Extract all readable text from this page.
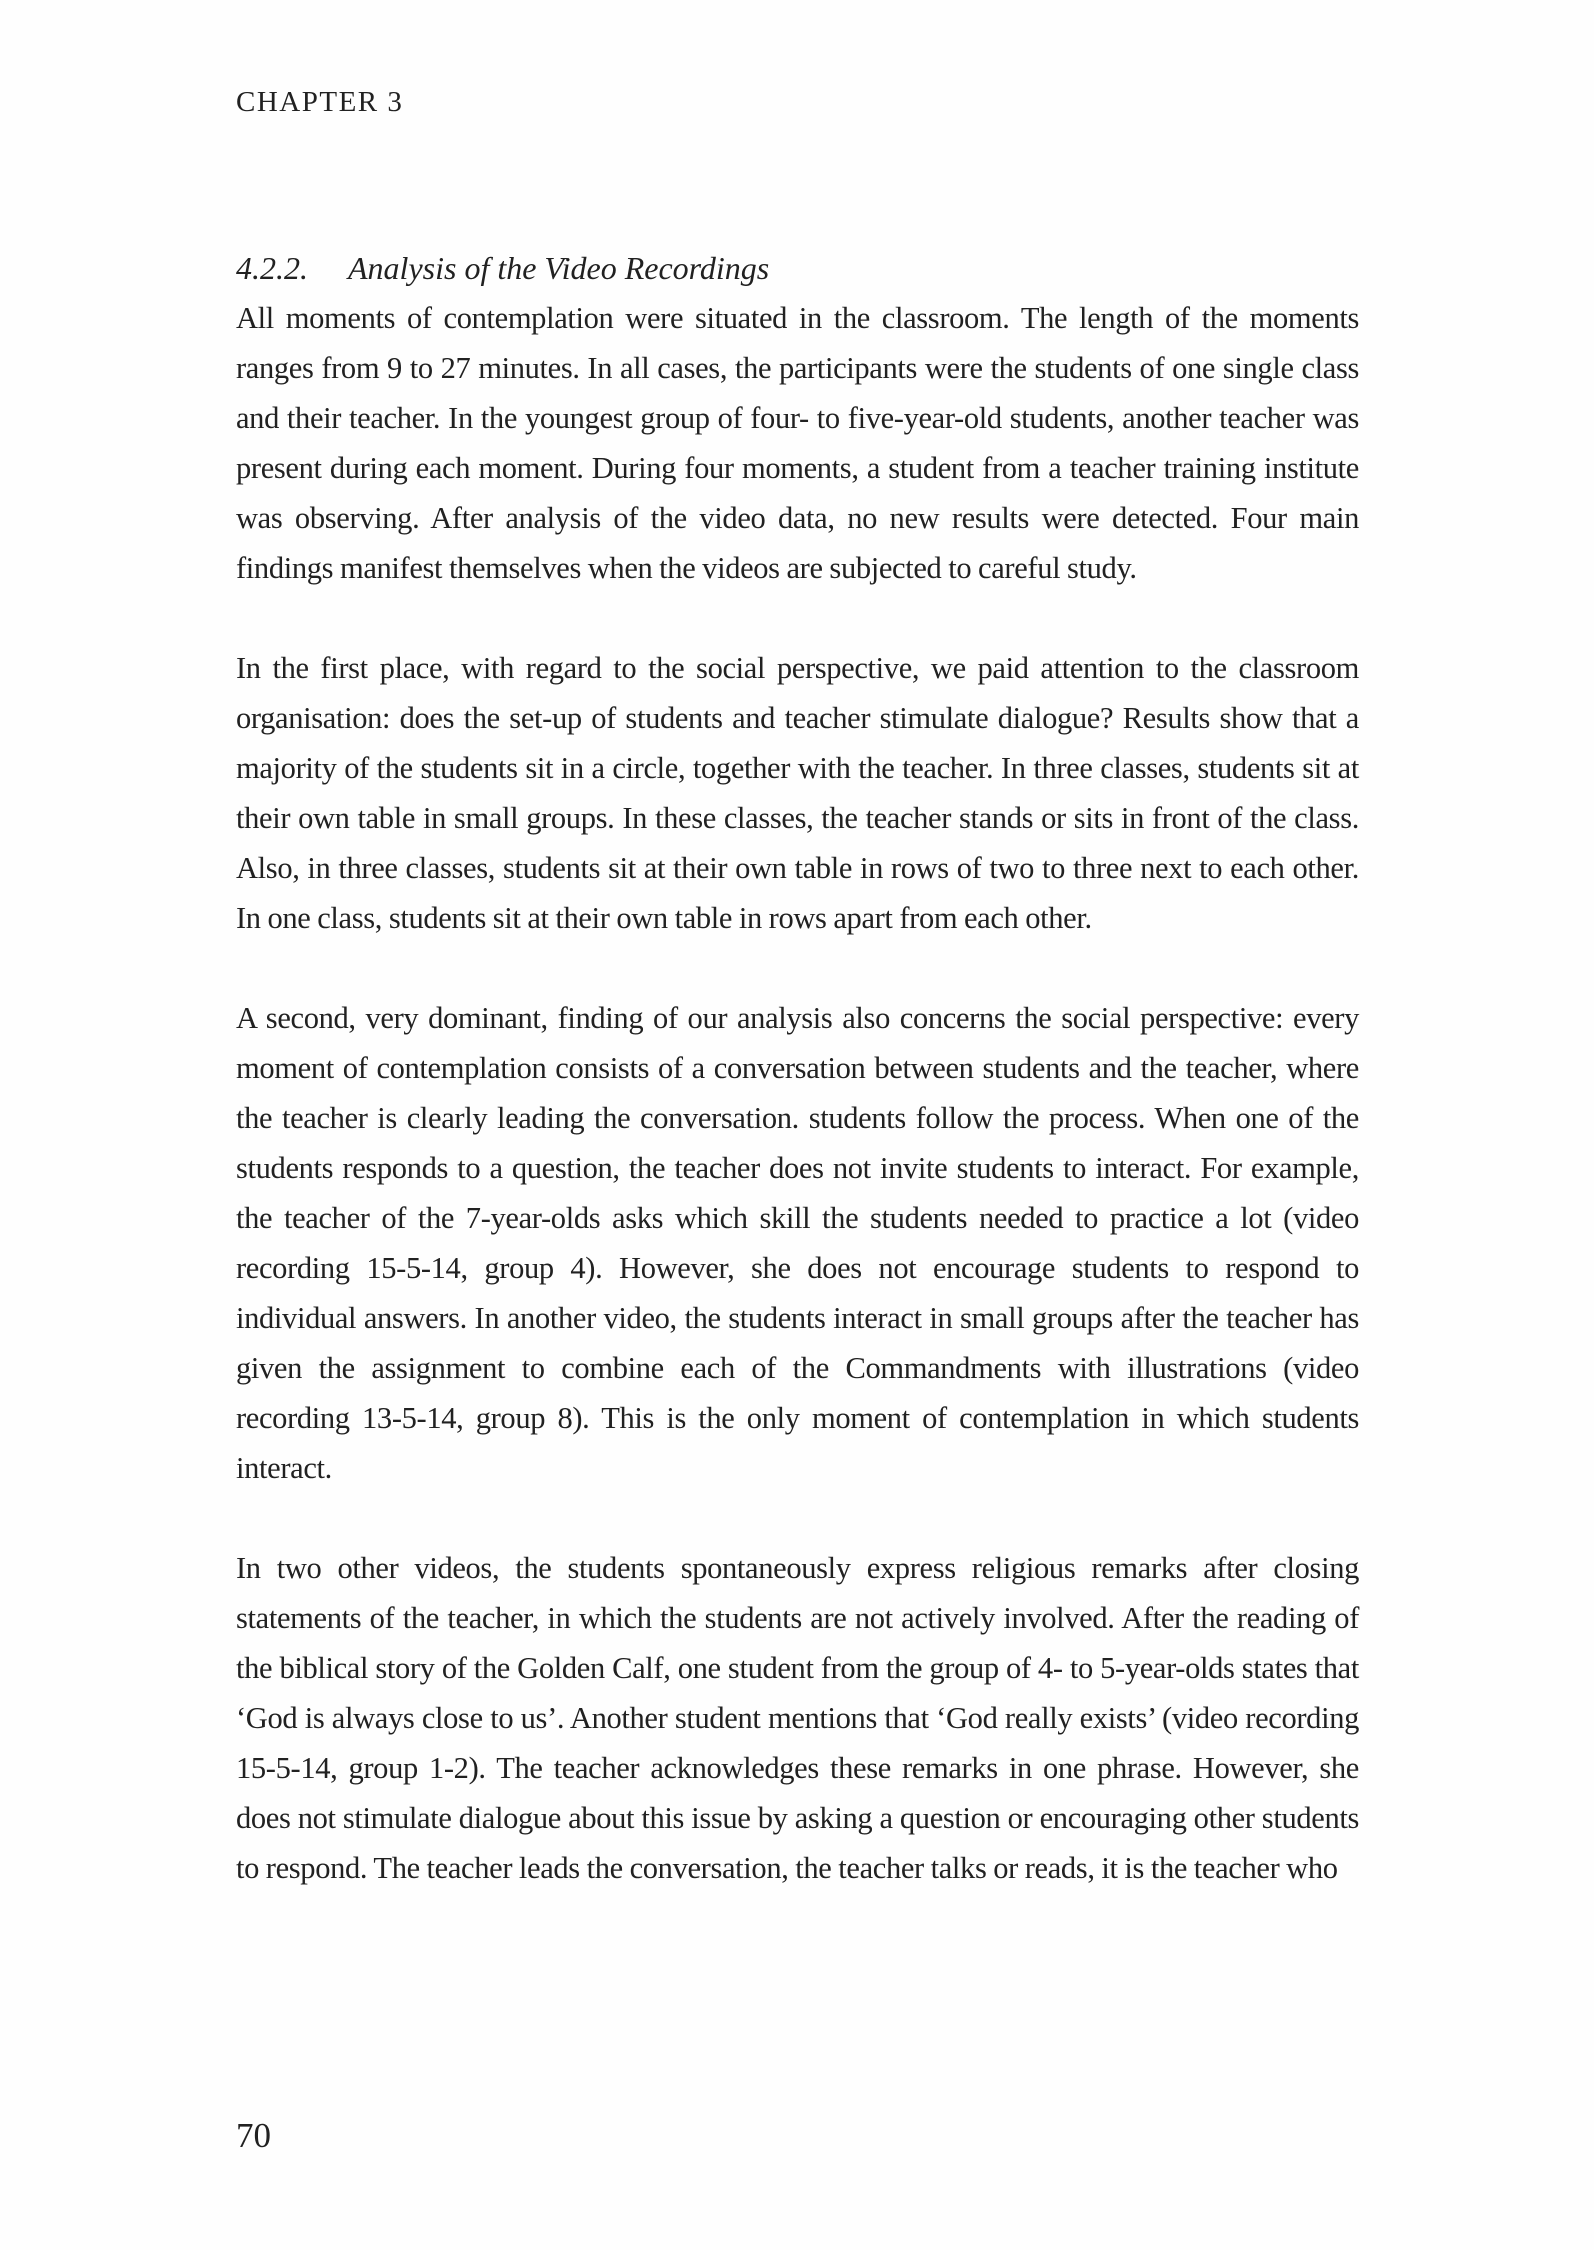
CHAPTER 3
4.2.2.	Analysis of the Video Recordings

All moments of contemplation were situated in the classroom. The length of the moments ranges from 9 to 27 minutes. In all cases, the participants were the students of one single class and their teacher. In the youngest group of four- to five-year-old students, another teacher was present during each moment. During four moments, a student from a teacher training institute was observing. After analysis of the video data, no new results were detected. Four main findings manifest themselves when the videos are subjected to careful study.

In the first place, with regard to the social perspective, we paid attention to the classroom organisation: does the set-up of students and teacher stimulate dialogue? Results show that a majority of the students sit in a circle, together with the teacher. In three classes, students sit at their own table in small groups. In these classes, the teacher stands or sits in front of the class. Also, in three classes, students sit at their own table in rows of two to three next to each other. In one class, students sit at their own table in rows apart from each other.

A second, very dominant, finding of our analysis also concerns the social perspective: every moment of contemplation consists of a conversation between students and the teacher, where the teacher is clearly leading the conversation. students follow the process. When one of the students responds to a question, the teacher does not invite students to interact. For example, the teacher of the 7-year-olds asks which skill the students needed to practice a lot (video recording 15-5-14, group 4). However, she does not encourage students to respond to individual answers. In another video, the students interact in small groups after the teacher has given the assignment to combine each of the Commandments with illustrations (video recording 13-5-14, group 8). This is the only moment of contemplation in which students interact.

In two other videos, the students spontaneously express religious remarks after closing statements of the teacher, in which the students are not actively involved. After the reading of the biblical story of the Golden Calf, one student from the group of 4- to 5-year-olds states that ‘God is always close to us’. Another student mentions that ‘God really exists’ (video recording 15-5-14, group 1-2). The teacher acknowledges these remarks in one phrase. However, she does not stimulate dialogue about this issue by asking a question or encouraging other students to respond. The teacher leads the conversation, the teacher talks or reads, it is the teacher who

70
